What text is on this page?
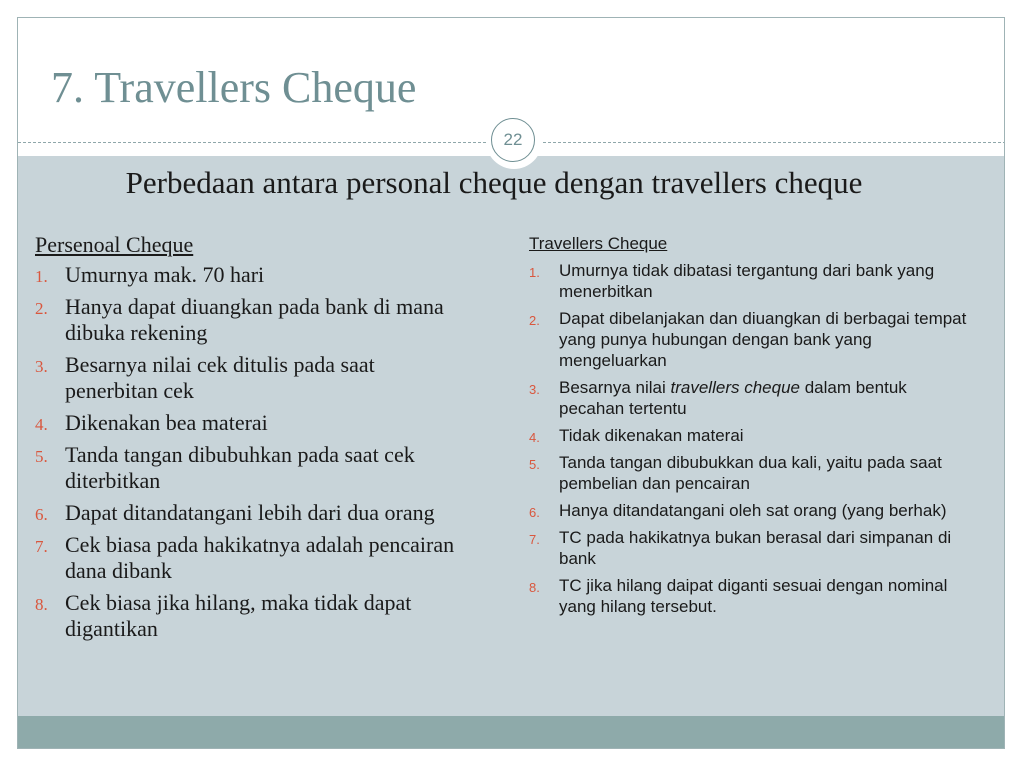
7. Travellers Cheque
22
Perbedaan antara personal cheque dengan travellers cheque
Persenoal Cheque
1. Umurnya mak. 70 hari
2. Hanya dapat diuangkan pada bank di mana dibuka rekening
3. Besarnya nilai cek ditulis pada saat penerbitan cek
4. Dikenakan bea materai
5. Tanda tangan dibubuhkan pada saat cek diterbitkan
6. Dapat ditandatangani lebih dari dua orang
7. Cek biasa pada hakikatnya adalah pencairan dana dibank
8. Cek biasa jika hilang, maka tidak dapat digantikan
Travellers Cheque
1. Umurnya tidak dibatasi tergantung dari bank yang menerbitkan
2. Dapat dibelanjakan dan diuangkan di berbagai tempat yang punya hubungan dengan bank yang mengeluarkan
3. Besarnya nilai travellers cheque dalam bentuk pecahan tertentu
4. Tidak dikenakan materai
5. Tanda tangan dibubukkan dua kali, yaitu pada saat pembelian dan pencairan
6. Hanya ditandatangani oleh sat orang (yang berhak)
7. TC pada hakikatnya bukan berasal dari simpanan di bank
8. TC jika hilang daipat diganti sesuai dengan nominal yang hilang tersebut.
